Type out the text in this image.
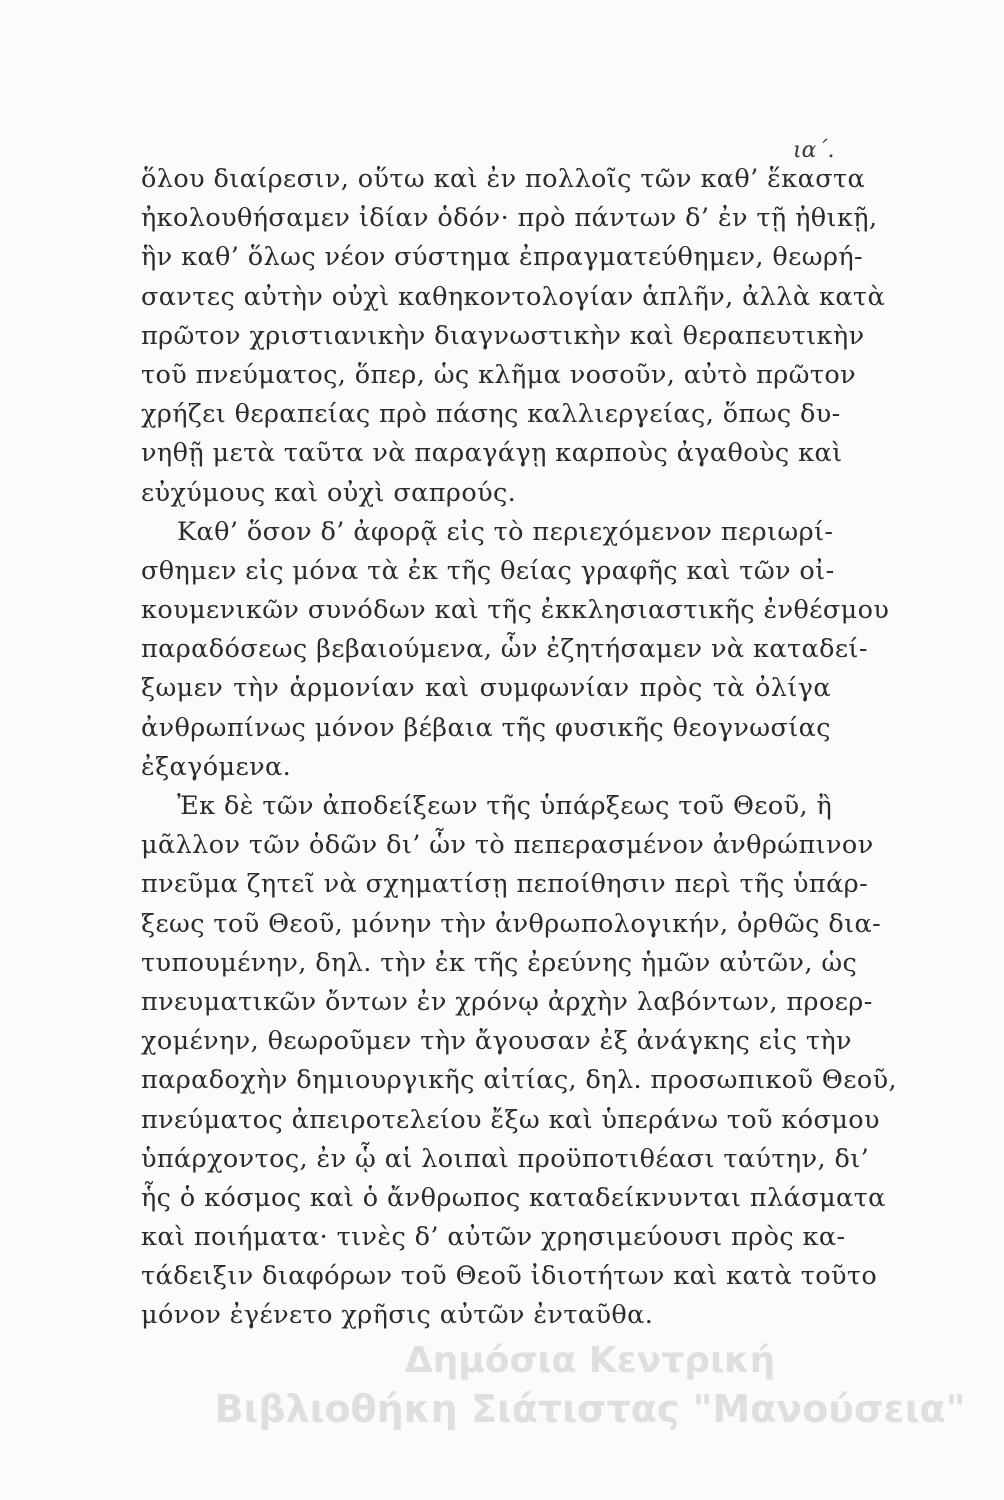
ια΄.
ὅλου διαίρεσιν, οὕτω καὶ ἐν πολλοῖς τῶν καθ’ ἕκαστα
ἠκολουθήσαμεν ἰδίαν ὁδόν· πρὸ πάντων δ’ ἐν τῇ ἠθικῇ,
ἣν καθ’ ὅλως νέον σύστημα ἐπραγματεύθημεν, θεωρή-
σαντες αὐτὴν οὐχὶ καθηκοντολογίαν ἁπλῆν, ἀλλὰ κατὰ
πρῶτον χριστιανικὴν διαγνωστικὴν καὶ θεραπευτικὴν
τοῦ πνεύματος, ὅπερ, ὡς κλῆμα νοσοῦν, αὐτὸ πρῶτον
χρήζει θεραπείας πρὸ πάσης καλλιεργείας, ὅπως δυ-
νηθῇ μετὰ ταῦτα νὰ παραγάγῃ καρποὺς ἀγαθοὺς καὶ
εὐχύμους καὶ οὐχὶ σαπρούς.
Καθ’ ὅσον δ’ ἀφορᾷ εἰς τὸ περιεχόμενον περιωρί-
σθημεν εἰς μόνα τὰ ἐκ τῆς θείας γραφῆς καὶ τῶν οἰ-
κουμενικῶν συνόδων καὶ τῆς ἐκκλησιαστικῆς ἐνθέσμου
παραδόσεως βεβαιούμενα, ὧν ἐζητήσαμεν νὰ καταδεί-
ξωμεν τὴν ἁρμονίαν καὶ συμφωνίαν πρὸς τὰ ὀλίγα
ἀνθρωπίνως μόνον βέβαια τῆς φυσικῆς θεογνωσίας
ἐξαγόμενα.
Ἐκ δὲ τῶν ἀποδείξεων τῆς ὑπάρξεως τοῦ Θεοῦ, ἢ
μᾶλλον τῶν ὁδῶν δι’ ὧν τὸ πεπερασμένον ἀνθρώπινον
πνεῦμα ζητεῖ νὰ σχηματίσῃ πεποίθησιν περὶ τῆς ὑπάρ-
ξεως τοῦ Θεοῦ, μόνην τὴν ἀνθρωπολογικήν, ὀρθῶς δια-
τυπουμένην, δηλ. τὴν ἐκ τῆς ἐρεύνης ἡμῶν αὐτῶν, ὡς
πνευματικῶν ὄντων ἐν χρόνῳ ἀρχὴν λαβόντων, προερ-
χομένην, θεωροῦμεν τὴν ἄγουσαν ἐξ ἀνάγκης εἰς τὴν
παραδοχὴν δημιουργικῆς αἰτίας, δηλ. προσωπικοῦ Θεοῦ,
πνεύματος ἀπειροτελείου ἔξω καὶ ὑπεράνω τοῦ κόσμου
ὑπάρχοντος, ἐν ᾧ αἱ λοιπαὶ προϋποτιθέασι ταύτην, δι’
ἧς ὁ κόσμος καὶ ὁ ἄνθρωπος καταδείκνυνται πλάσματα
καὶ ποιήματα· τινὲς δ’ αὐτῶν χρησιμεύουσι πρὸς κα-
τάδειξιν διαφόρων τοῦ Θεοῦ ἰδιοτήτων καὶ κατὰ τοῦτο
μόνον ἐγένετο χρῆσις αὐτῶν ἐνταῦθα.
Δημόσια Κεντρική
Βιβλιοθήκη Σιάτιστας "Μανούσεια"
